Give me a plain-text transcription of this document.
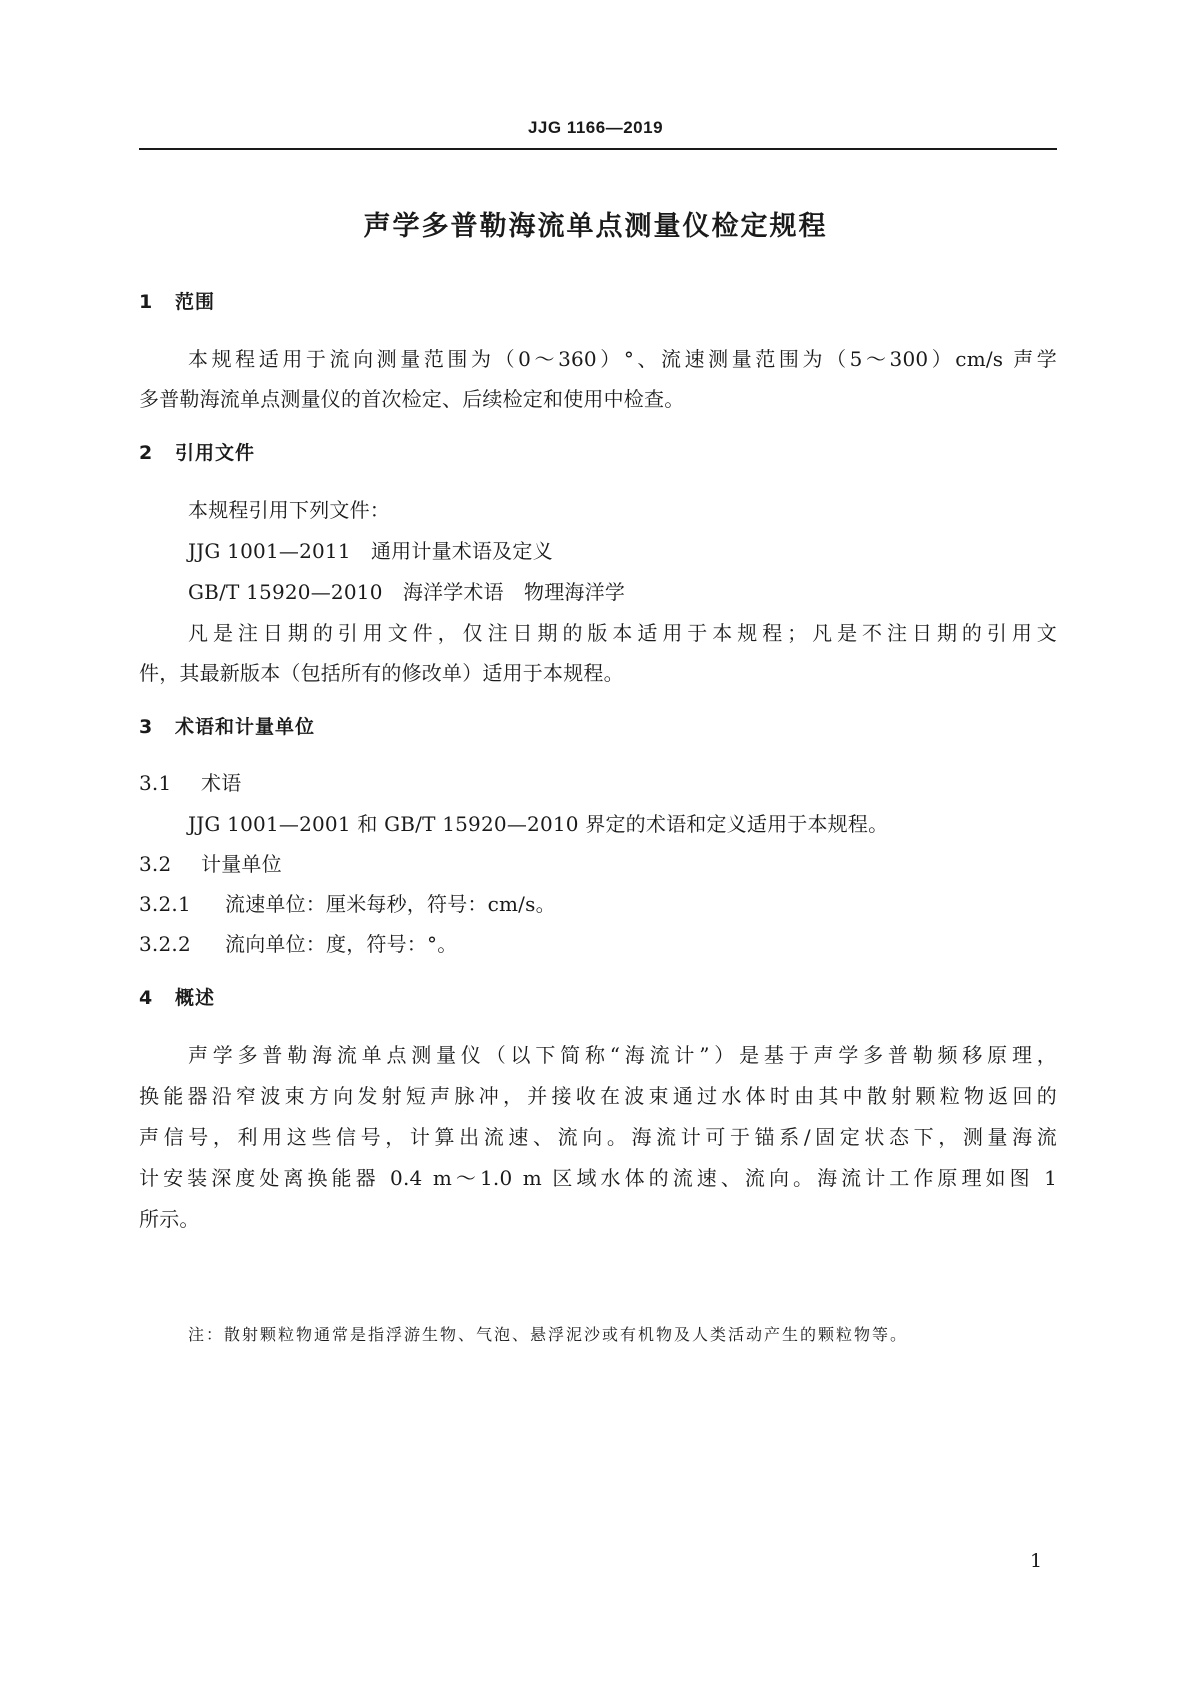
JJG 1166—2019
声学多普勒海流单点测量仪检定规程
1 范围
本规程适用于流向测量范围为（0～360）°、流速测量范围为（5～300）cm/s 声学
多普勒海流单点测量仪的首次检定、后续检定和使用中检查。
2 引用文件
本规程引用下列文件：
JJG 1001—2011　通用计量术语及定义
GB/T 15920—2010　海洋学术语　物理海洋学
凡是注日期的引用文件，仅注日期的版本适用于本规程；凡是不注日期的引用文
件，其最新版本（包括所有的修改单）适用于本规程。
3 术语和计量单位
3.1 术语
JJG 1001—2001 和 GB/T 15920—2010 界定的术语和定义适用于本规程。
3.2 计量单位
3.2.1 流速单位：厘米每秒，符号：cm/s。
3.2.2 流向单位：度，符号：°。
4 概述
声学多普勒海流单点测量仪（以下简称“海流计”）是基于声学多普勒频移原理，
换能器沿窄波束方向发射短声脉冲，并接收在波束通过水体时由其中散射颗粒物返回的
声信号，利用这些信号，计算出流速、流向。海流计可于锚系/固定状态下，测量海流
计安装深度处离换能器 0.4 m～1.0 m 区域水体的流速、流向。海流计工作原理如图 1
所示。
注：散射颗粒物通常是指浮游生物、气泡、悬浮泥沙或有机物及人类活动产生的颗粒物等。
1
